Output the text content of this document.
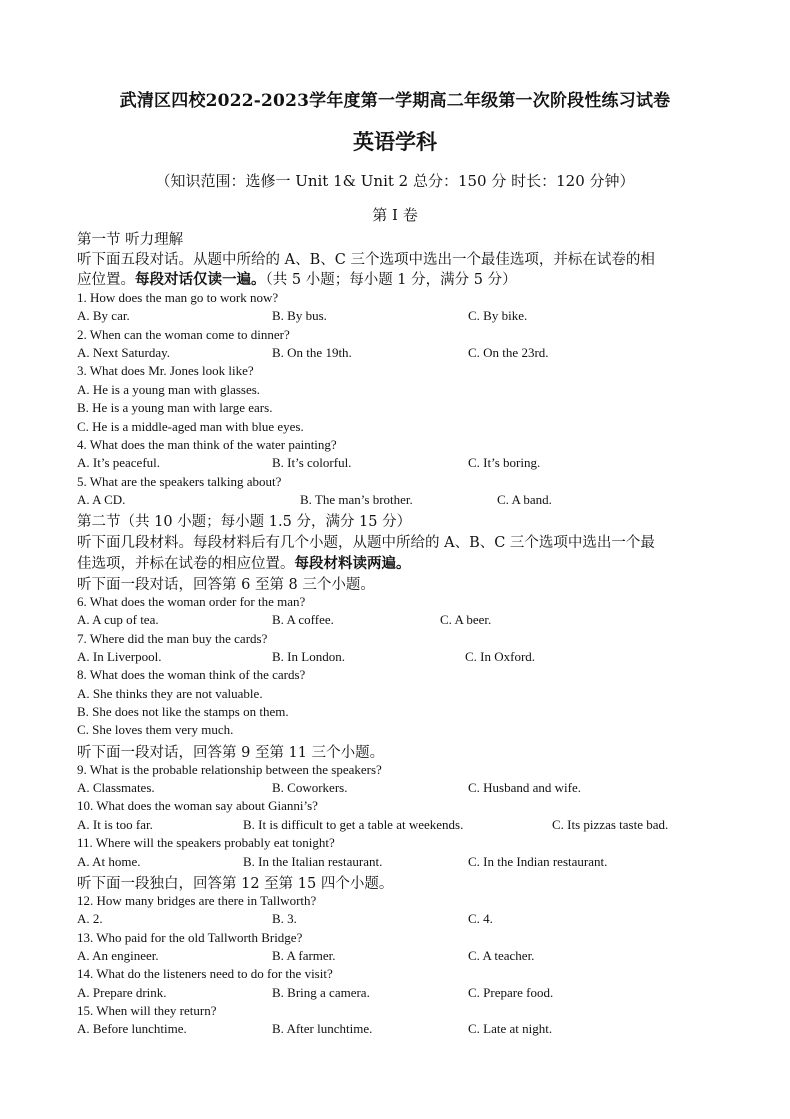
武清区四校2022-2023学年度第一学期高二年级第一次阶段性练习试卷
英语学科
（知识范围：选修一 Unit 1& Unit 2 总分：150 分 时长：120 分钟）
第 I 卷
第一节 听力理解
听下面五段对话。从题中所给的 A、B、C 三个选项中选出一个最佳选项，并标在试卷的相
应位置。每段对话仅读一遍。（共 5 小题；每小题 1 分，满分 5 分）
1. How does the man go to work now?
A. By car.	B. By bus.	C. By bike.
2. When can the woman come to dinner?
A. Next Saturday.	B. On the 19th.	C. On the 23rd.
3. What does Mr. Jones look like?
A. He is a young man with glasses.
B. He is a young man with large ears.
C. He is a middle-aged man with blue eyes.
4. What does the man think of the water painting?
A. It’s peaceful.	B. It’s colorful.	C. It’s boring.
5. What are the speakers talking about?
A. A CD.	B. The man’s brother.	C. A band.
第二节（共 10 小题；每小题 1.5 分，满分 15 分）
听下面几段材料。每段材料后有几个小题，从题中所给的 A、B、C 三个选项中选出一个最
佳选项，并标在试卷的相应位置。每段材料读两遍。
听下面一段对话，回答第 6 至第 8 三个小题。
6. What does the woman order for the man?
A. A cup of tea.	B. A coffee.	C. A beer.
7. Where did the man buy the cards?
A. In Liverpool.	B. In London.	C. In Oxford.
8. What does the woman think of the cards?
A. She thinks they are not valuable.
B. She does not like the stamps on them.
C. She loves them very much.
听下面一段对话，回答第 9 至第 11 三个小题。
9. What is the probable relationship between the speakers?
A. Classmates.	B. Coworkers.	C. Husband and wife.
10. What does the woman say about Gianni’s?
A. It is too far.	B. It is difficult to get a table at weekends.	C. Its pizzas taste bad.
11. Where will the speakers probably eat tonight?
A. At home.	B. In the Italian restaurant.	C. In the Indian restaurant.
听下面一段独白，回答第 12 至第 15 四个小题。
12. How many bridges are there in Tallworth?
A. 2.	B. 3.	C. 4.
13. Who paid for the old Tallworth Bridge?
A. An engineer.	B. A farmer.	C. A teacher.
14. What do the listeners need to do for the visit?
A. Prepare drink.	B. Bring a camera.	C. Prepare food.
15. When will they return?
A. Before lunchtime.	B. After lunchtime.	C. Late at night.
